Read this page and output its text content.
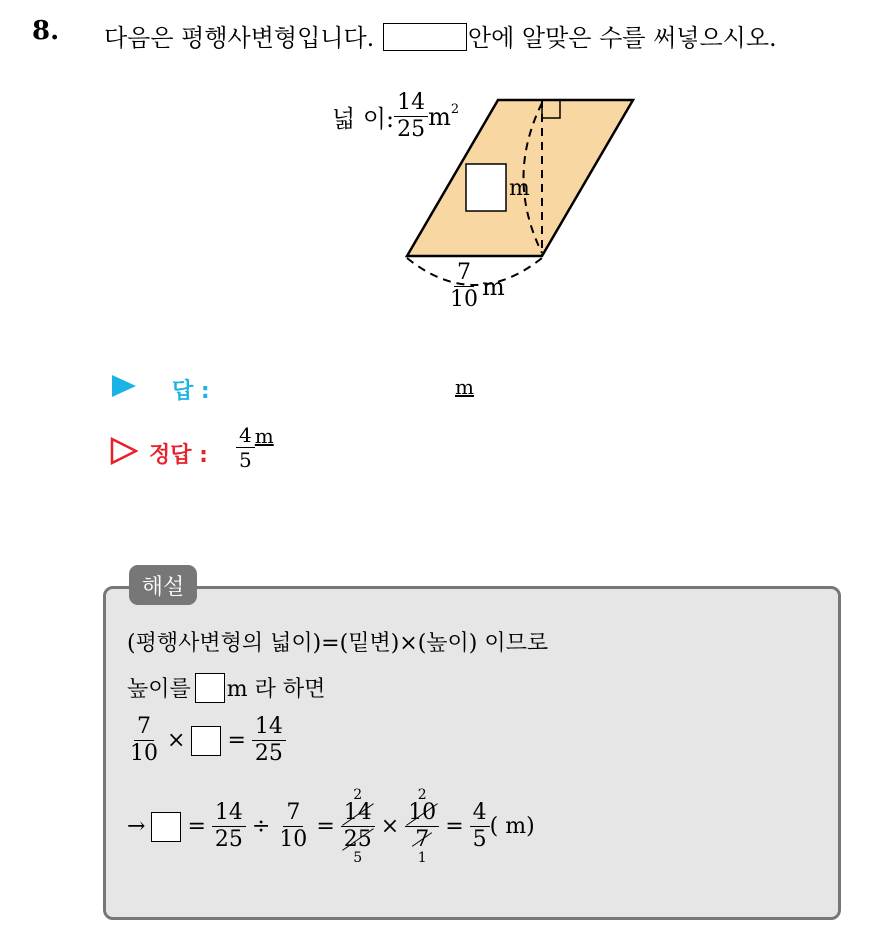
8. 다음은 평행사변형입니다.	안에 알맞은 수를 써넣으시오.
넓 이: $\frac{14}{25} m^2$
m
$\frac{7}{10}$ m
답 :	m
정답 : $\frac{4}{5}$ m
해설
(평행사변형의 넓이)=(밑변)×(높이) 이므로
높이를 m 라 하면
$\frac{7}{10}$ × = $\frac{14}{25}$
→ = $\frac{14}{25} \div \frac{7}{10}$ =
2
14
25
5
×
2
10
7
1
= $\frac{4}{5}$ ( m)
